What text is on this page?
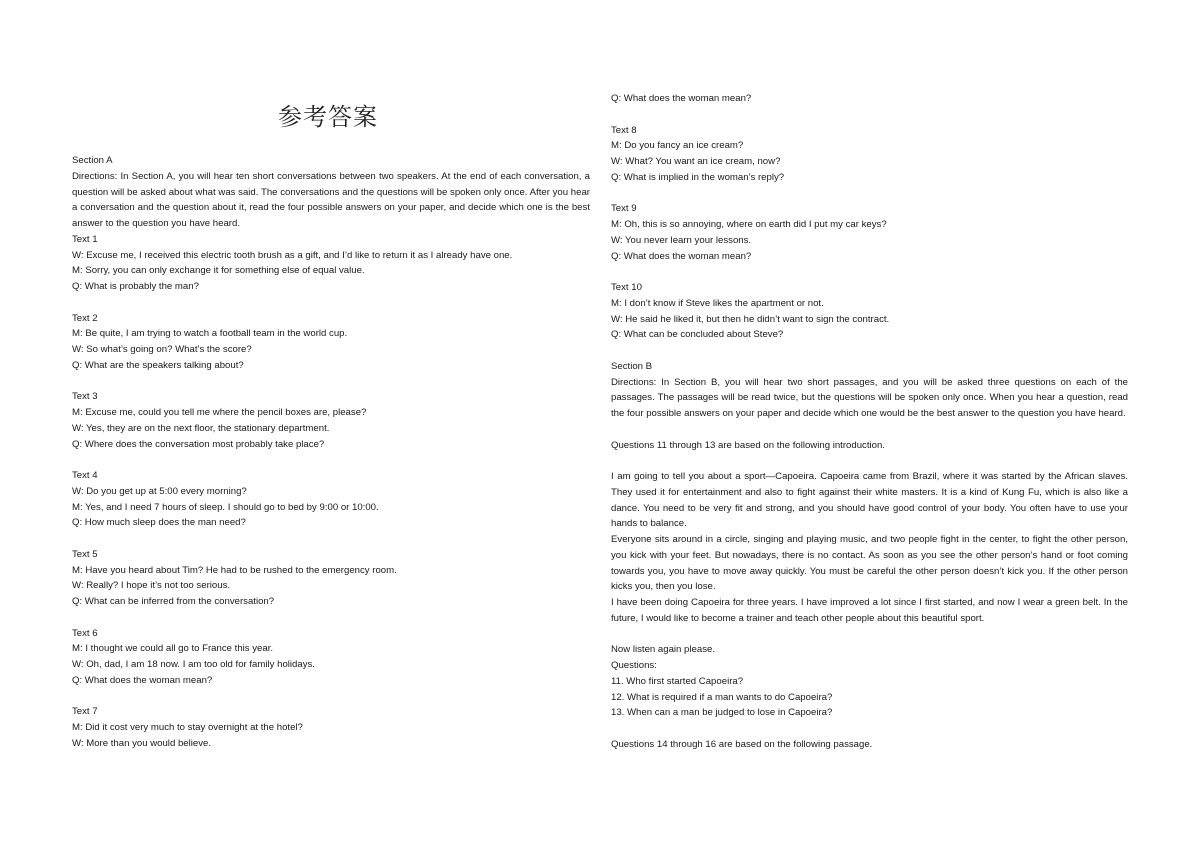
参考答案
Section A
Directions: In Section A, you will hear ten short conversations between two speakers. At the end of each conversation, a question will be asked about what was said. The conversations and the questions will be spoken only once. After you hear a conversation and the question about it, read the four possible answers on your paper, and decide which one is the best answer to the question you have heard.
Text 1
W: Excuse me, I received this electric tooth brush as a gift, and I’d like to return it as I already have one.
M: Sorry, you can only exchange it for something else of equal value.
Q: What is probably the man?
Text 2
M: Be quite, I am trying to watch a football team in the world cup.
W: So what’s going on? What’s the score?
Q: What are the speakers talking about?
Text 3
M: Excuse me, could you tell me where the pencil boxes are, please?
W: Yes, they are on the next floor, the stationary department.
Q: Where does the conversation most probably take place?
Text 4
W: Do you get up at 5:00 every morning?
M: Yes, and I need 7 hours of sleep. I should go to bed by 9:00 or 10:00.
Q: How much sleep does the man need?
Text 5
M: Have you heard about Tim? He had to be rushed to the emergency room.
W: Really? I hope it’s not too serious.
Q: What can be inferred from the conversation?
Text 6
M: I thought we could all go to France this year.
W: Oh, dad, I am 18 now. I am too old for family holidays.
Q: What does the woman mean?
Text 7
M: Did it cost very much to stay overnight at the hotel?
W: More than you would believe.
Q: What does the woman mean?
Text 8
M: Do you fancy an ice cream?
W: What? You want an ice cream, now?
Q: What is implied in the woman’s reply?
Text 9
M: Oh, this is so annoying, where on earth did I put my car keys?
W: You never learn your lessons.
Q: What does the woman mean?
Text 10
M: I don’t know if Steve likes the apartment or not.
W: He said he liked it, but then he didn’t want to sign the contract.
Q: What can be concluded about Steve?
Section B
Directions: In Section B, you will hear two short passages, and you will be asked three questions on each of the passages. The passages will be read twice, but the questions will be spoken only once. When you hear a question, read the four possible answers on your paper and decide which one would be the best answer to the question you have heard.
Questions 11 through 13 are based on the following introduction.
I am going to tell you about a sport—Capoeira. Capoeira came from Brazil, where it was started by the African slaves. They used it for entertainment and also to fight against their white masters. It is a kind of Kung Fu, which is also like a dance. You need to be very fit and strong, and you should have good control of your body. You often have to use your hands to balance.
Everyone sits around in a circle, singing and playing music, and two people fight in the center, to fight the other person, you kick with your feet. But nowadays, there is no contact. As soon as you see the other person’s hand or foot coming towards you, you have to move away quickly. You must be careful the other person doesn’t kick you. If the other person kicks you, then you lose.
I have been doing Capoeira for three years. I have improved a lot since I first started, and now I wear a green belt. In the future, I would like to become a trainer and teach other people about this beautiful sport.
Now listen again please.
Questions:
11. Who first started Capoeira?
12. What is required if a man wants to do Capoeira?
13. When can a man be judged to lose in Capoeira?
Questions 14 through 16 are based on the following passage.
